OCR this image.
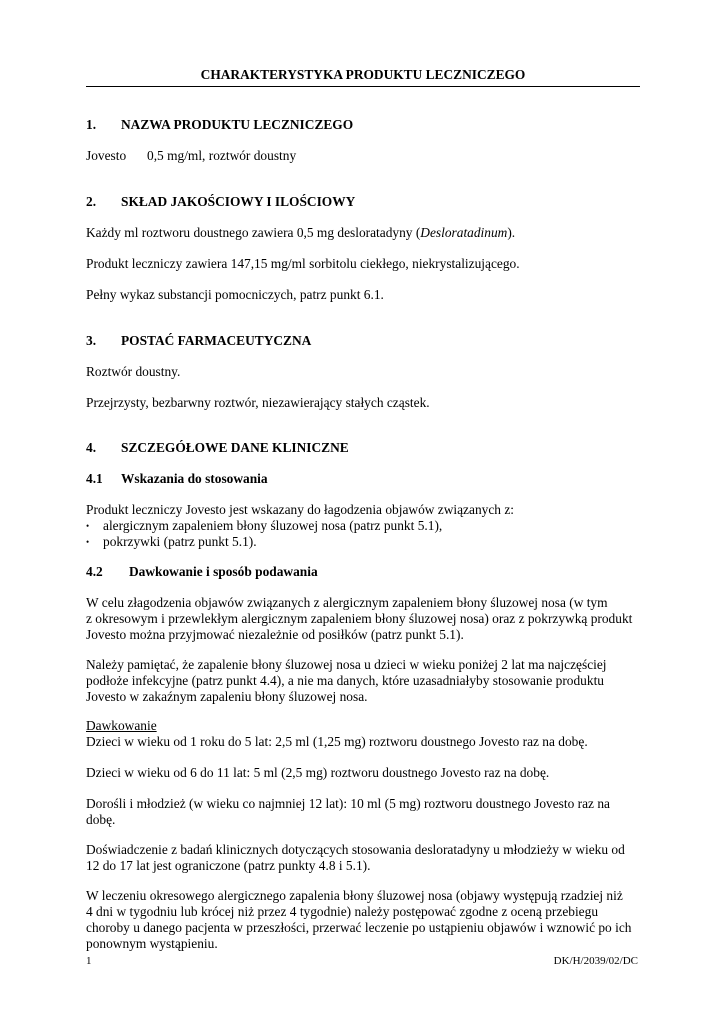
CHARAKTERYSTYKA PRODUKTU LECZNICZEGO
1. NAZWA PRODUKTU LECZNICZEGO
Jovesto 0,5 mg/ml, roztwór doustny
2. SKŁAD JAKOŚCIOWY I ILOŚCIOWY
Każdy ml roztworu doustnego zawiera 0,5 mg desloratadyny (Desloratadinum).
Produkt leczniczy zawiera 147,15 mg/ml sorbitolu ciekłego, niekrystalizującego.
Pełny wykaz substancji pomocniczych, patrz punkt 6.1.
3. POSTAĆ FARMACEUTYCZNA
Roztwór doustny.
Przejrzysty, bezbarwny roztwór, niezawierający stałych cząstek.
4. SZCZEGÓŁOWE DANE KLINICZNE
4.1 Wskazania do stosowania
Produkt leczniczy Jovesto jest wskazany do łagodzenia objawów związanych z:
• alergicznym zapaleniem błony śluzowej nosa (patrz punkt 5.1),
• pokrzywki (patrz punkt 5.1).
4.2 Dawkowanie i sposób podawania
W celu złagodzenia objawów związanych z alergicznym zapaleniem błony śluzowej nosa (w tym
z okresowym i przewlekłym alergicznym zapaleniem błony śluzowej nosa) oraz z pokrzywką produkt
Jovesto można przyjmować niezależnie od posiłków (patrz punkt 5.1).
Należy pamiętać, że zapalenie błony śluzowej nosa u dzieci w wieku poniżej 2 lat ma najczęściej
podłoże infekcyjne (patrz punkt 4.4), a nie ma danych, które uzasadniałyby stosowanie produktu
Jovesto w zakaźnym zapaleniu błony śluzowej nosa.
Dawkowanie
Dzieci w wieku od 1 roku do 5 lat: 2,5 ml (1,25 mg) roztworu doustnego Jovesto raz na dobę.
Dzieci w wieku od 6 do 11 lat: 5 ml (2,5 mg) roztworu doustnego Jovesto raz na dobę.
Dorośli i młodzież (w wieku co najmniej 12 lat): 10 ml (5 mg) roztworu doustnego Jovesto raz na
dobę.
Doświadczenie z badań klinicznych dotyczących stosowania desloratadyny u młodzieży w wieku od
12 do 17 lat jest ograniczone (patrz punkty 4.8 i 5.1).
W leczeniu okresowego alergicznego zapalenia błony śluzowej nosa (objawy występują rzadziej niż
4 dni w tygodniu lub krócej niż przez 4 tygodnie) należy postępować zgodne z oceną przebiegu
choroby u danego pacjenta w przeszłości, przerwać leczenie po ustąpieniu objawów i wznowić po ich
ponownym wystąpieniu.
1	DK/H/2039/02/DC
